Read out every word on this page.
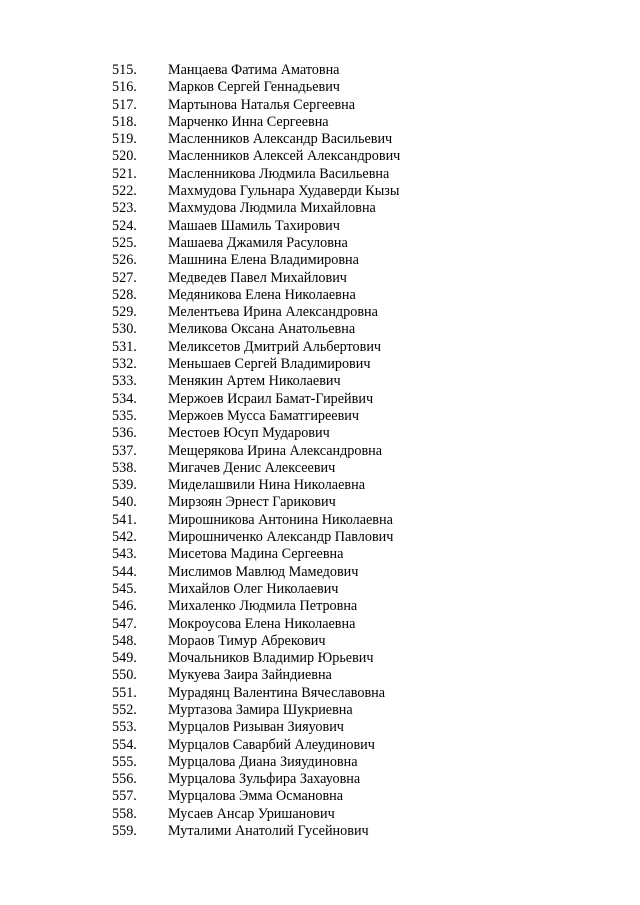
515.	Манцаева Фатима Аматовна
516.	Марков Сергей Геннадьевич
517.	Мартынова Наталья Сергеевна
518.	Марченко Инна Сергеевна
519.	Масленников Александр Васильевич
520.	Масленников Алексей Александрович
521.	Масленникова Людмила Васильевна
522.	Махмудова Гульнара Худаверди Кызы
523.	Махмудова Людмила Михайловна
524.	Машаев Шамиль Тахирович
525.	Машаева Джамиля Расуловна
526.	Машнина Елена Владимировна
527.	Медведев Павел Михайлович
528.	Медяникова Елена Николаевна
529.	Мелентьева Ирина Александровна
530.	Меликова Оксана Анатольевна
531.	Меликсетов Дмитрий Альбертович
532.	Меньшаев Сергей Владимирович
533.	Менякин Артем Николаевич
534.	Мержоев Исраил Бамат-Гирейвич
535.	Мержоев Мусса Баматгиреевич
536.	Местоев Юсуп Мударович
537.	Мещерякова Ирина Александровна
538.	Мигачев Денис Алексеевич
539.	Миделашвили Нина Николаевна
540.	Мирзоян Эрнест Гарикович
541.	Мирошникова Антонина Николаевна
542.	Мирошниченко Александр Павлович
543.	Мисетова Мадина Сергеевна
544.	Мислимов Мавлюд Мамедович
545.	Михайлов Олег Николаевич
546.	Михаленко Людмила Петровна
547.	Мокроусова Елена Николаевна
548.	Мораов Тимур Абрекович
549.	Мочальников Владимир Юрьевич
550.	Мукуева Заира Зайндиевна
551.	Мурадянц Валентина Вячеславовна
552.	Муртазова Замира Шукриевна
553.	Мурцалов Ризыван Зияуович
554.	Мурцалов Саварбий Алеудинович
555.	Мурцалова Диана Зияудиновна
556.	Мурцалова Зульфира Захауовна
557.	Мурцалова Эмма Османовна
558.	Мусаев Ансар Уришанович
559.	Муталими Анатолий Гусейнович
